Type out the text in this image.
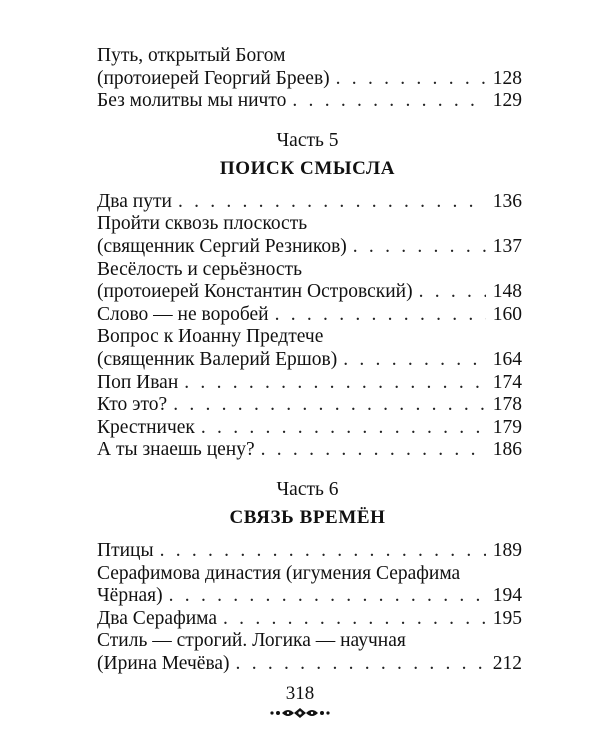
Путь, открытый Богом
(протоиерей Георгий Бреев) . . .	128
Без молитвы мы ничто . . .	129
Часть 5
ПОИСК СМЫСЛА
Два пути . . .	136
Пройти сквозь плоскость
(священник Сергий Резников) . . .	137
Весёлость и серьёзность
(протоиерей Константин Островский) . . .	148
Слово — не воробей . . .	160
Вопрос к Иоанну Предтече
(священник Валерий Ершов) . . .	164
Поп Иван . . .	174
Кто это? . . .	178
Крестничек . . .	179
А ты знаешь цену? . . .	186
Часть 6
СВЯЗЬ ВРЕМЁН
Птицы . . .	189
Серафимова династия (игумения Серафима
Чёрная) . . .	194
Два Серафима . . .	195
Стиль — строгий. Логика — научная
(Ирина Мечёва) . . .	212
318
